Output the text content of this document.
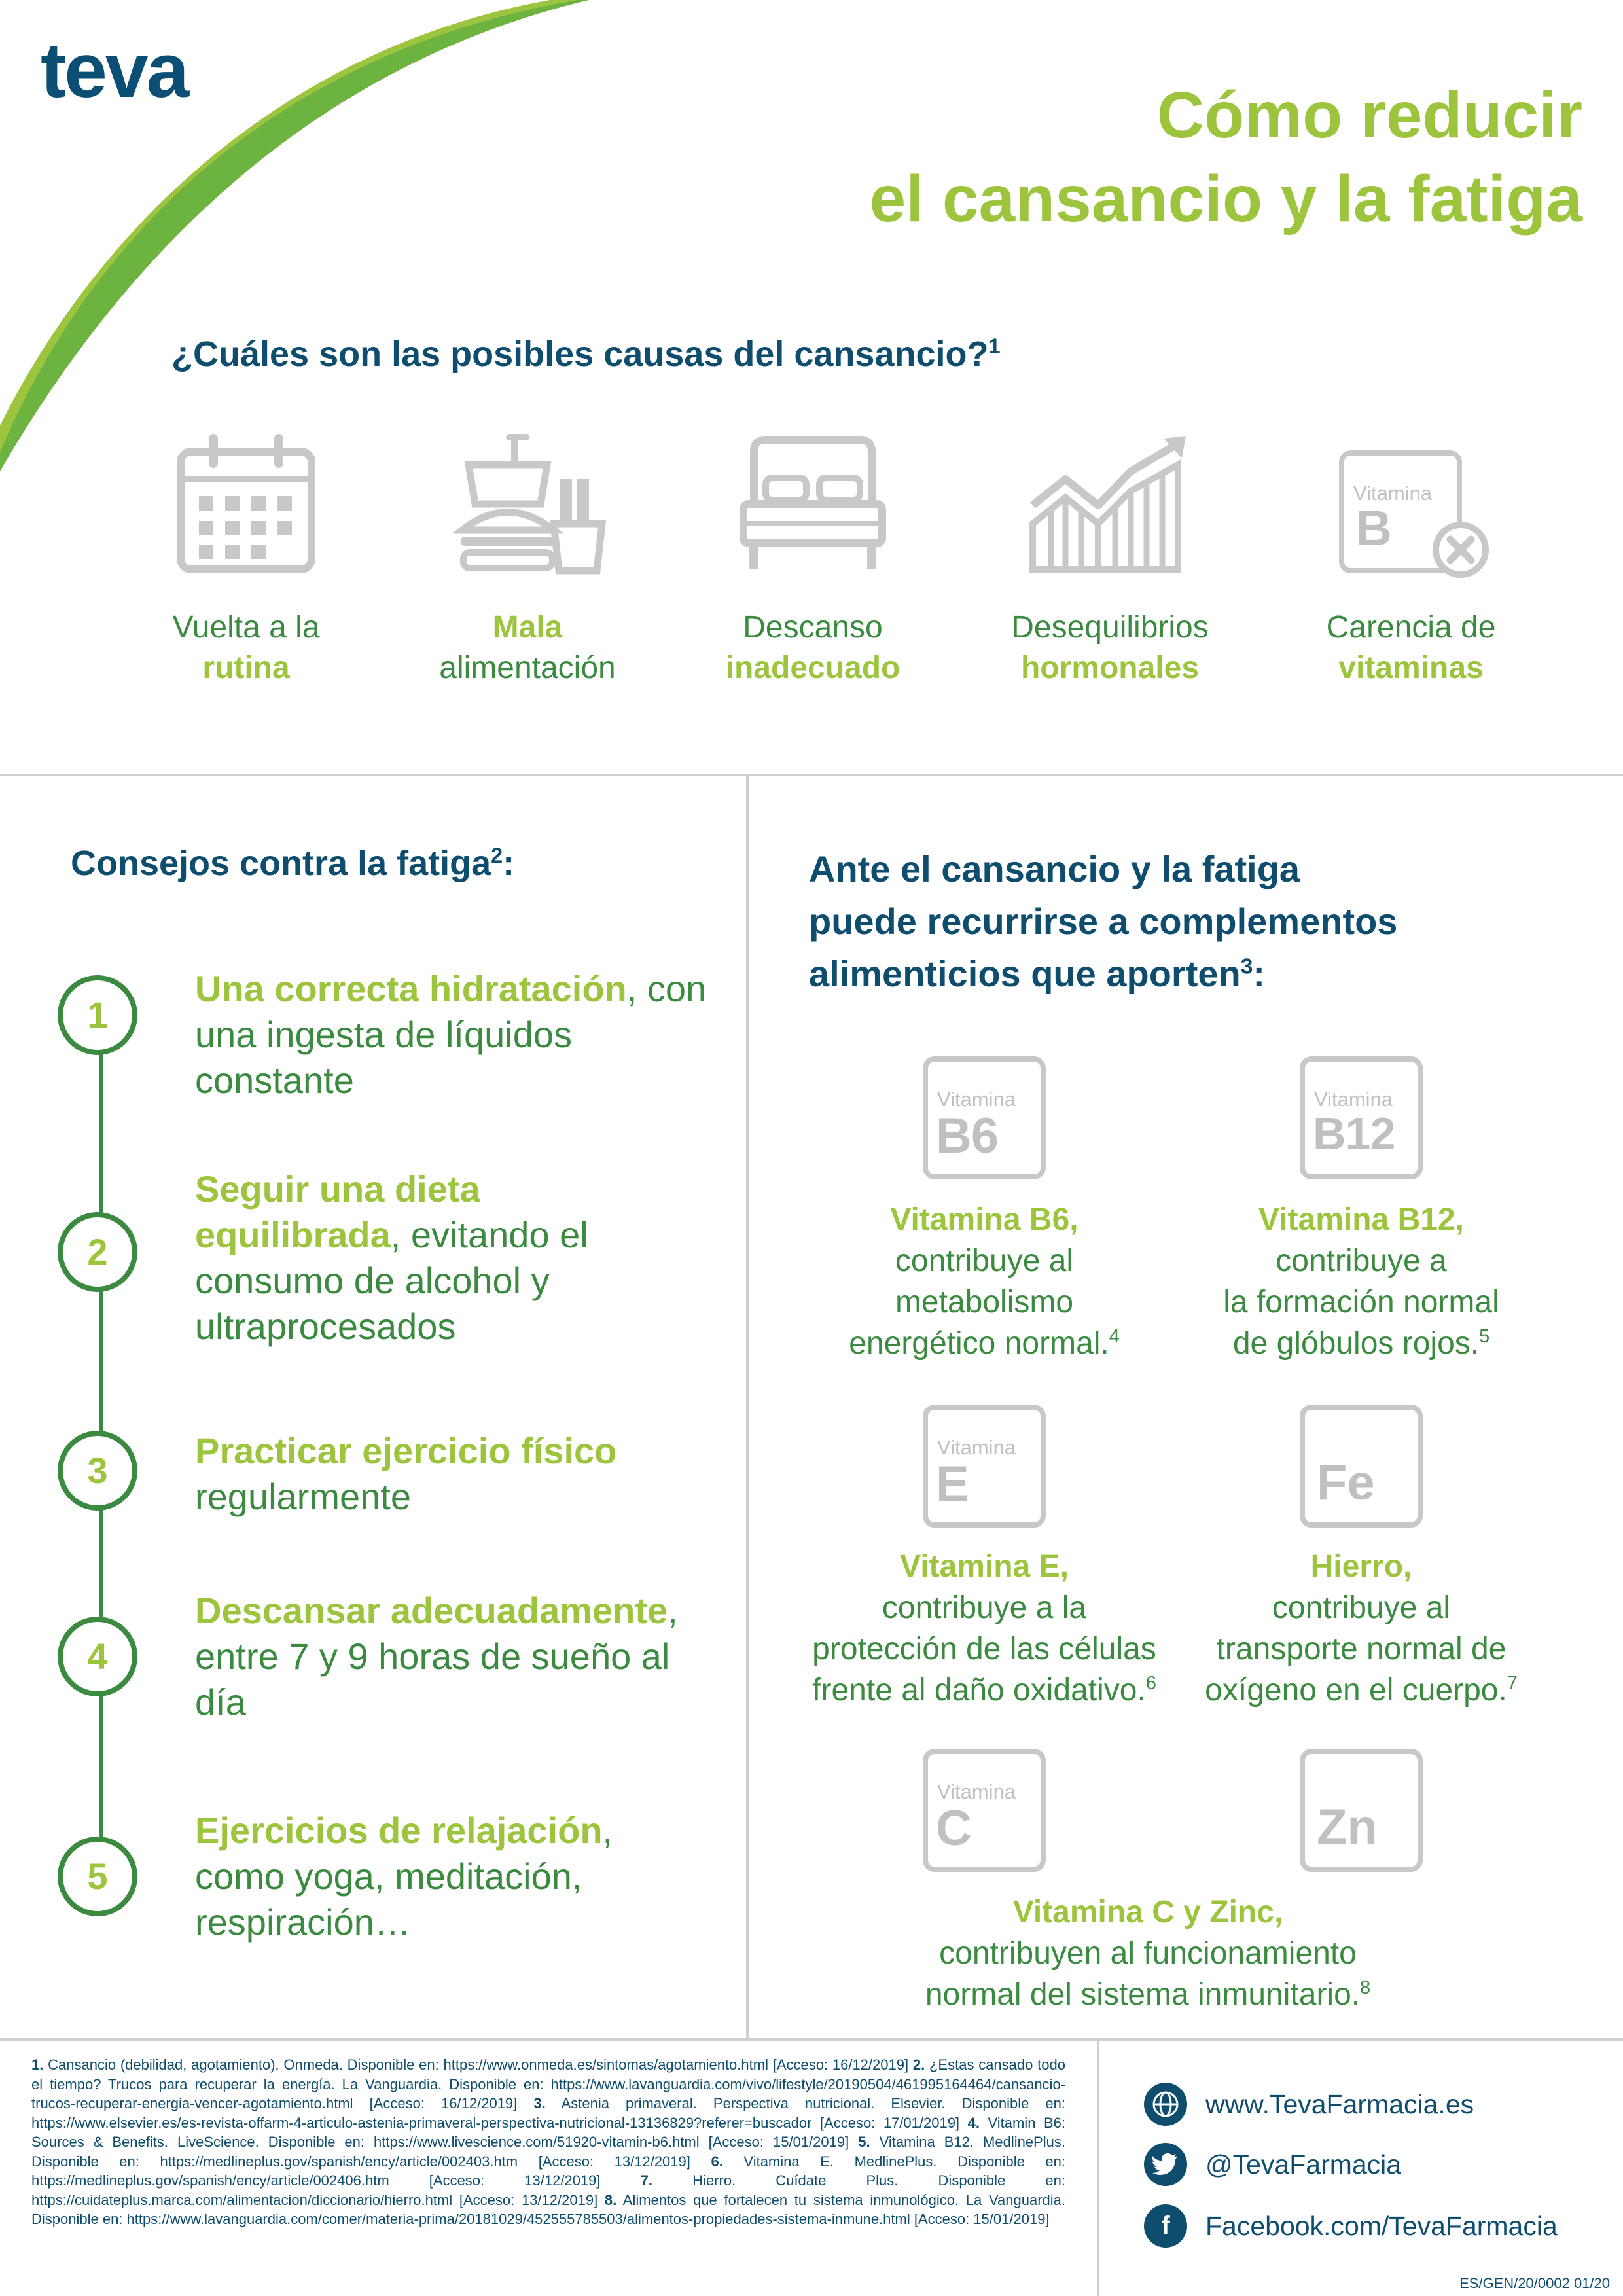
teva
Cómo reducir
el cansancio y la fatiga
¿Cuáles son las posibles causas del cansancio?$^1$
Vuelta a la
rutina
Mala
alimentación
Descanso
inadecuado
Desequilibrios
hormonales
Vitamina
B
Carencia de
vitaminas
Consejos contra la fatiga$^2$:
1
Una correcta hidratación, con una ingesta de líquidos constante
2
Seguir una dieta equilibrada, evitando el consumo de alcohol y ultraprocesados
3	Practicar ejercicio físico
regularmente
4
Descansar adecuadamente, entre 7 y 9 horas de sueño al día
5
Ejercicios de relajación, como yoga, meditación, respiración…
Ante el cansancio y la fatiga
puede recurrirse a complementos
alimenticios que aporten$^3$:
Vitamina
B6
Vitamina B6,
contribuye al
metabolismo
energético normal.$^4$
Vitamina
B12
Vitamina B12,
contribuye a
la formación normal
de glóbulos rojos.$^5$
Vitamina
E
Vitamina E,
contribuye a la
protección de las células
frente al daño oxidativo.$^6$
Fe
Hierro,
contribuye al
transporte normal de
oxígeno en el cuerpo.$^7$
Vitamina
C	Zn
Vitamina C y Zinc,
contribuyen al funcionamiento
normal del sistema inmunitario.$^8$
1. Cansancio (debilidad, agotamiento). Onmeda. Disponible en: https://www.onmeda.es/sintomas/agotamiento.html [Acceso: 16/12/2019] 2. ¿Estas cansado todo el tiempo? Trucos para recuperar la energía. La Vanguardia. Disponible en: https://www.lavanguardia.com/vivo/lifestyle/20190504/461995164464/cansancio-trucos-recuperar-energia-vencer-agotamiento.html [Acceso: 16/12/2019] 3. Astenia primaveral. Perspectiva nutricional. Elsevier. Disponible en: https://www.elsevier.es/es-revista-offarm-4-articulo-astenia-primaveral-perspectiva-nutricional-13136829?referer=buscador [Acceso: 17/01/2019] 4. Vitamin B6: Sources & Benefits. LiveScience. Disponible en: https://www.livescience.com/51920-vitamin-b6.html [Acceso: 15/01/2019] 5. Vitamina B12. MedlinePlus. Disponible en: https://medlineplus.gov/spanish/ency/article/002403.htm [Acceso: 13/12/2019] 6. Vitamina E. MedlinePlus. Disponible en: https://medlineplus.gov/spanish/ency/article/002406.htm [Acceso: 13/12/2019]	7.	Hierro. Cuídate Plus. Disponible en: https://cuidateplus.marca.com/alimentacion/diccionario/hierro.html [Acceso: 13/12/2019] 8. Alimentos que fortalecen tu sistema inmunológico. La Vanguardia. Disponible en: https://www.lavanguardia.com/comer/materia-prima/20181029/452555785503/alimentos-propiedades-sistema-inmune.html [Acceso: 15/01/2019]
www.TevaFarmacia.es
@TevaFarmacia
f	Facebook.com/TevaFarmacia
ES/GEN/20/0002 01/20
